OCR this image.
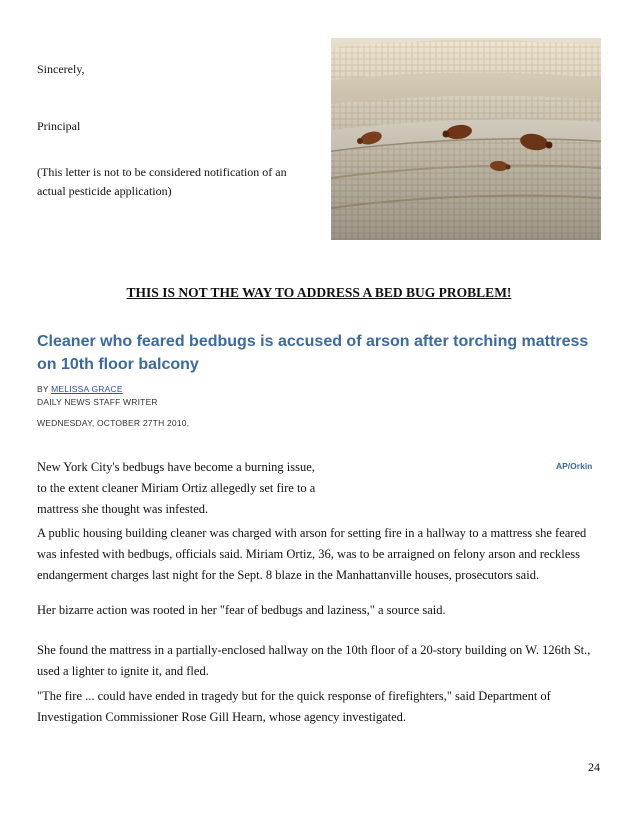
Sincerely,
Principal
(This letter is not to be considered notification of an actual pesticide application)
THIS IS NOT THE WAY TO ADDRESS A BED BUG PROBLEM!
Cleaner who feared bedbugs is accused of arson after torching mattress on 10th floor balcony
BY MELISSA GRACE
DAILY NEWS STAFF WRITER
WEDNESDAY, OCTOBER 27TH 2010,
New York City's bedbugs have become a burning issue, to the extent cleaner Miriam Ortiz allegedly set fire to a mattress she thought was infested.
AP/Orkin
A public housing building cleaner was charged with arson for setting fire in a hallway to a mattress she feared was infested with bedbugs, officials said. Miriam Ortiz, 36, was to be arraigned on felony arson and reckless endangerment charges last night for the Sept. 8 blaze in the Manhattanville houses, prosecutors said.
Her bizarre action was rooted in her "fear of bedbugs and laziness," a source said.
She found the mattress in a partially-enclosed hallway on the 10th floor of a 20-story building on W. 126th St., used a lighter to ignite it, and fled.
"The fire ... could have ended in tragedy but for the quick response of firefighters," said Department of Investigation Commissioner Rose Gill Hearn, whose agency investigated.
24
